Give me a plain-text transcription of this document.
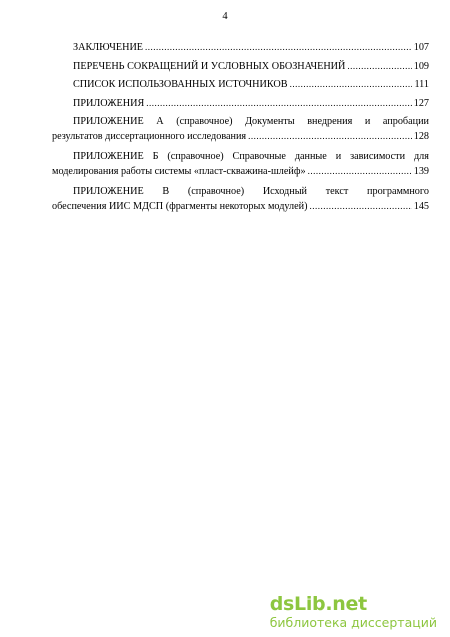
4
ЗАКЛЮЧЕНИЕ .....	107
ПЕРЕЧЕНЬ СОКРАЩЕНИЙ И УСЛОВНЫХ ОБОЗНАЧЕНИЙ .....	109
СПИСОК ИСПОЛЬЗОВАННЫХ ИСТОЧНИКОВ .....	111
ПРИЛОЖЕНИЯ .....	127
ПРИЛОЖЕНИЕ А (справочное) Документы внедрения и апробации
результатов диссертационного исследования .....	128
ПРИЛОЖЕНИЕ Б (справочное) Справочные данные и зависимости для
моделирования работы системы «пласт-скважина-шлейф» .....	139
ПРИЛОЖЕНИЕ В (справочное) Исходный текст программного
обеспечения ИИС МДСП (фрагменты некоторых модулей) .....	145
dsLib.net
библиотека диссертаций
